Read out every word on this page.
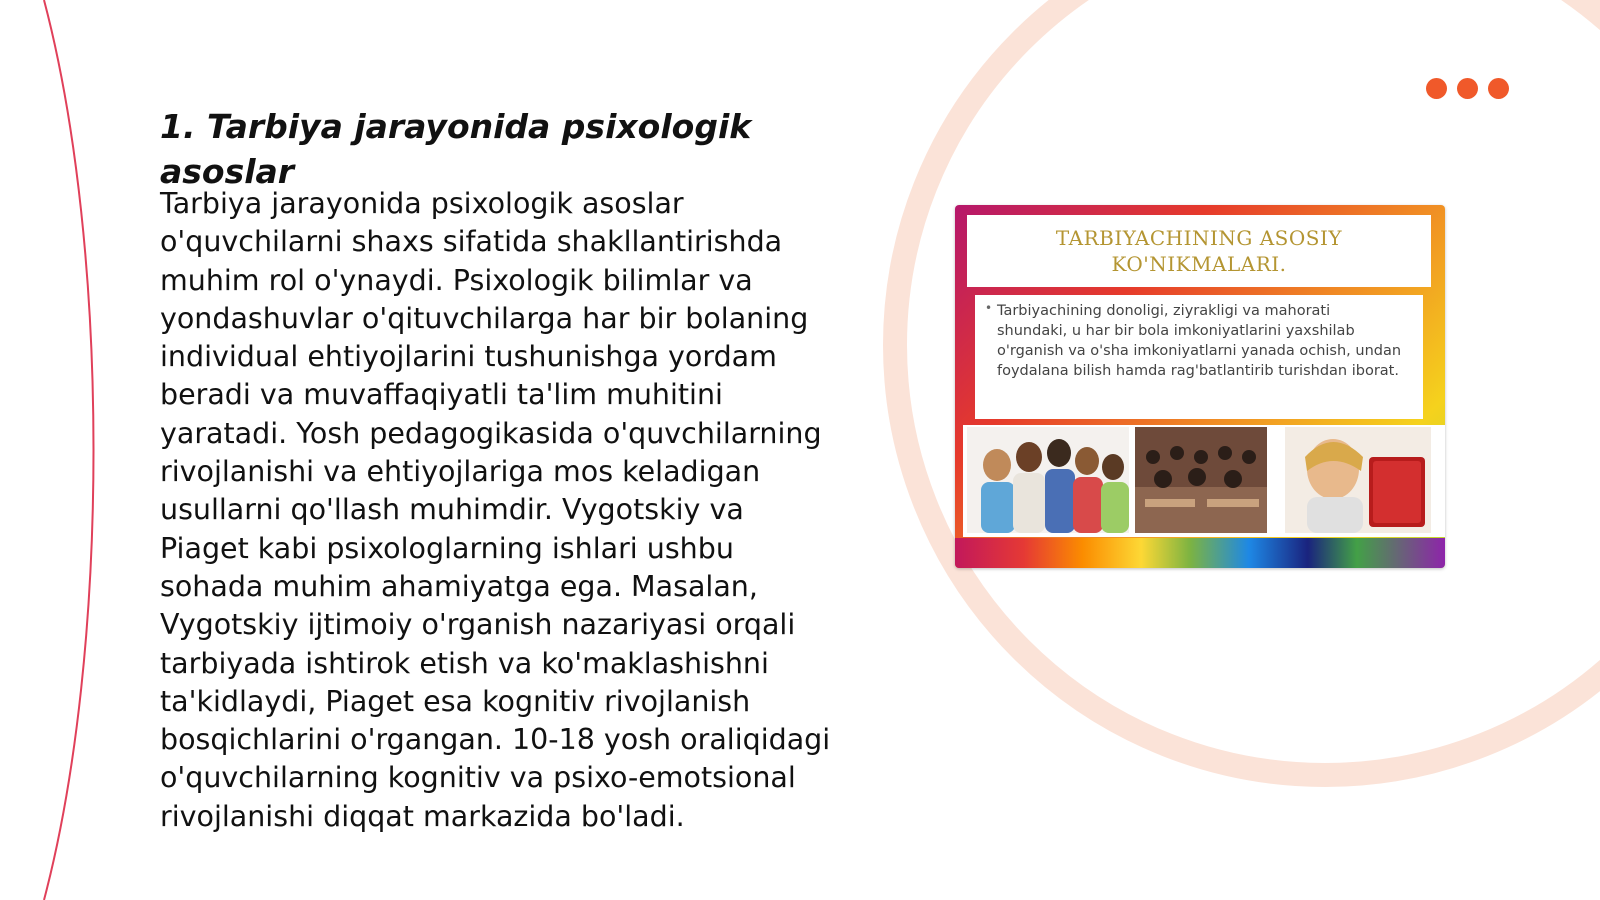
1. Tarbiya jarayonida psixologik asoslar

Tarbiya jarayonida psixologik asoslar o'quvchilarni shaxs sifatida shakllantirishda muhim rol o'ynaydi. Psixologik bilimlar va yondashuvlar o'qituvchilarga har bir bolaning individual ehtiyojlarini tushunishga yordam beradi va muvaffaqiyatli ta'lim muhitini yaratadi. Yosh pedagogikasida o'quvchilarning rivojlanishi va ehtiyojlariga mos keladigan usullarni qo'llash muhimdir. Vygotskiy va Piaget kabi psixologlarning ishlari ushbu sohada muhim ahamiyatga ega. Masalan, Vygotskiy ijtimoiy o'rganish nazariyasi orqali tarbiyada ishtirok etish va ko'maklashishni ta'kidlaydi, Piaget esa kognitiv rivojlanish bosqichlarini o'rgangan. 10-18 yosh oraliqidagi o'quvchilarning kognitiv va psixo-emotsional rivojlanishi diqqat markazida bo'ladi.

TARBIYACHINING ASOSIY KO'NIKMALARI.
• Tarbiyachining donoligi, ziyrakligi va mahorati shundaki, u har bir bola imkoniyatlarini yaxshilab o'rganish va o'sha imkoniyatlarni yanada ochish, undan foydalana bilish hamda rag'batlantirib turishdan iborat.
